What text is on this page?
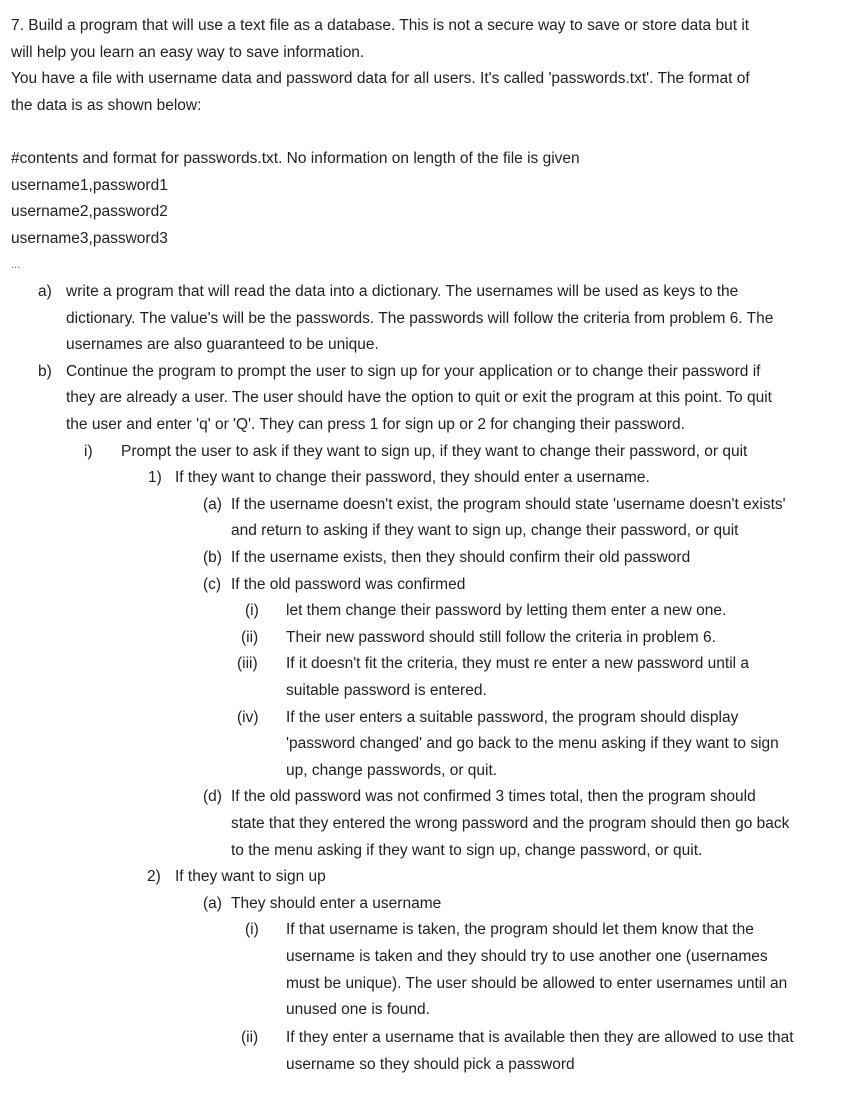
7. Build a program that will use a text file as a database. This is not a secure way to save or store data but it
will help you learn an easy way to save information.
You have a file with username data and password data for all users. It's called 'passwords.txt'. The format of
the data is as shown below:
#contents and format for passwords.txt. No information on length of the file is given
username1,password1
username2,password2
username3,password3
...
a) write a program that will read the data into a dictionary. The usernames will be used as keys to the
dictionary. The value's will be the passwords. The passwords will follow the criteria from problem 6. The
usernames are also guaranteed to be unique.
b) Continue the program to prompt the user to sign up for your application or to change their password if
they are already a user. The user should have the option to quit or exit the program at this point. To quit
the user and enter 'q' or 'Q'. They can press 1 for sign up or 2 for changing their password.
i) Prompt the user to ask if they want to sign up, if they want to change their password, or quit
1) If they want to change their password, they should enter a username.
(a) If the username doesn't exist, the program should state 'username doesn't exists'
and return to asking if they want to sign up, change their password, or quit
(b) If the username exists, then they should confirm their old password
(c) If the old password was confirmed
(i) let them change their password by letting them enter a new one.
(ii) Their new password should still follow the criteria in problem 6.
(iii) If it doesn't fit the criteria, they must re enter a new password until a
suitable password is entered.
(iv) If the user enters a suitable password, the program should display
'password changed' and go back to the menu asking if they want to sign
up, change passwords, or quit.
(d) If the old password was not confirmed 3 times total, then the program should
state that they entered the wrong password and the program should then go back
to the menu asking if they want to sign up, change password, or quit.
2) If they want to sign up
(a) They should enter a username
(i) If that username is taken, the program should let them know that the
username is taken and they should try to use another one (usernames
must be unique). The user should be allowed to enter usernames until an
unused one is found.
(ii) If they enter a username that is available then they are allowed to use that
username so they should pick a password
